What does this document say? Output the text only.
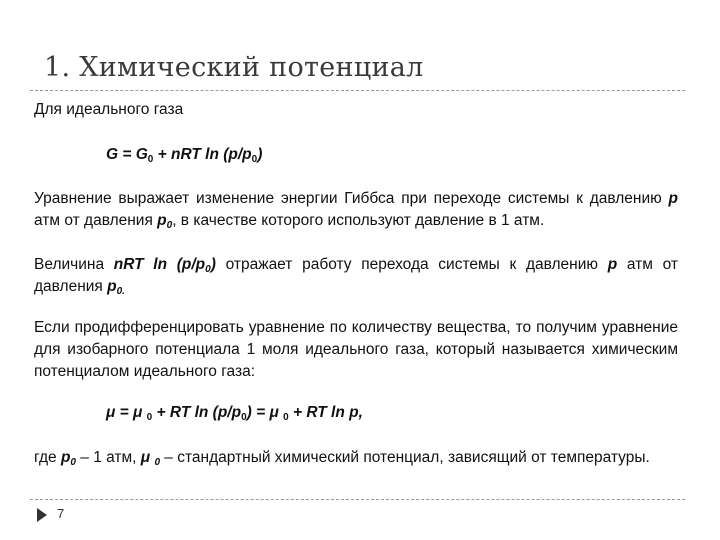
1. Химический потенциал
Для идеального газа
$G = G_0$ + nRT $\ln (p/p_0)$
Уравнение выражает изменение энергии Гиббса при переходе системы к давлению p атм от давления $p_0$, в качестве которого используют давление в 1 атм.
Величина nRT $\ln (p/p_0)$ отражает работу перехода системы к давлению p атм от давления $p_{0.}$
Если продифференцировать уравнение по количеству вещества, то получим уравнение для изобарного потенциала 1 моля идеального газа, который называется химическим потенциалом идеального газа:
μ = μ $_0$ + RT $\ln (p/p_0) = \mu$ $_0$ + RT ln p,
где $p_0 - 1$ атм, μ $_0$ – стандартный химический потенциал, зависящий от температуры.
7
